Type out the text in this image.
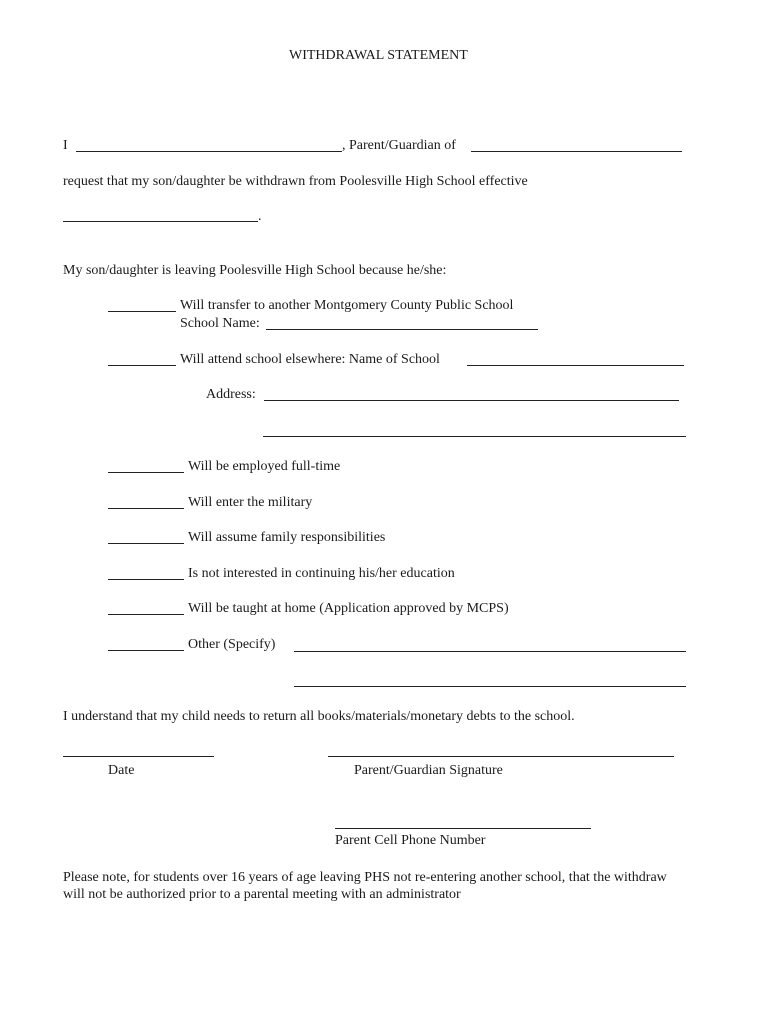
WITHDRAWAL STATEMENT
I	, Parent/Guardian of
request that my son/daughter be withdrawn from Poolesville High School effective
.
My son/daughter is leaving Poolesville High School because he/she:
Will transfer to another Montgomery County Public School
School Name:
Will attend school elsewhere: Name of School
Address:
Will be employed full-time
Will enter the military
Will assume family responsibilities
Is not interested in continuing his/her education
Will be taught at home (Application approved by MCPS)
Other (Specify)
I understand that my child needs to return all books/materials/monetary debts to the school.
Date	Parent/Guardian Signature
Parent Cell Phone Number
Please note, for students over 16 years of age leaving PHS not re-entering another school, that the withdraw
will not be authorized prior to a parental meeting with an administrator
